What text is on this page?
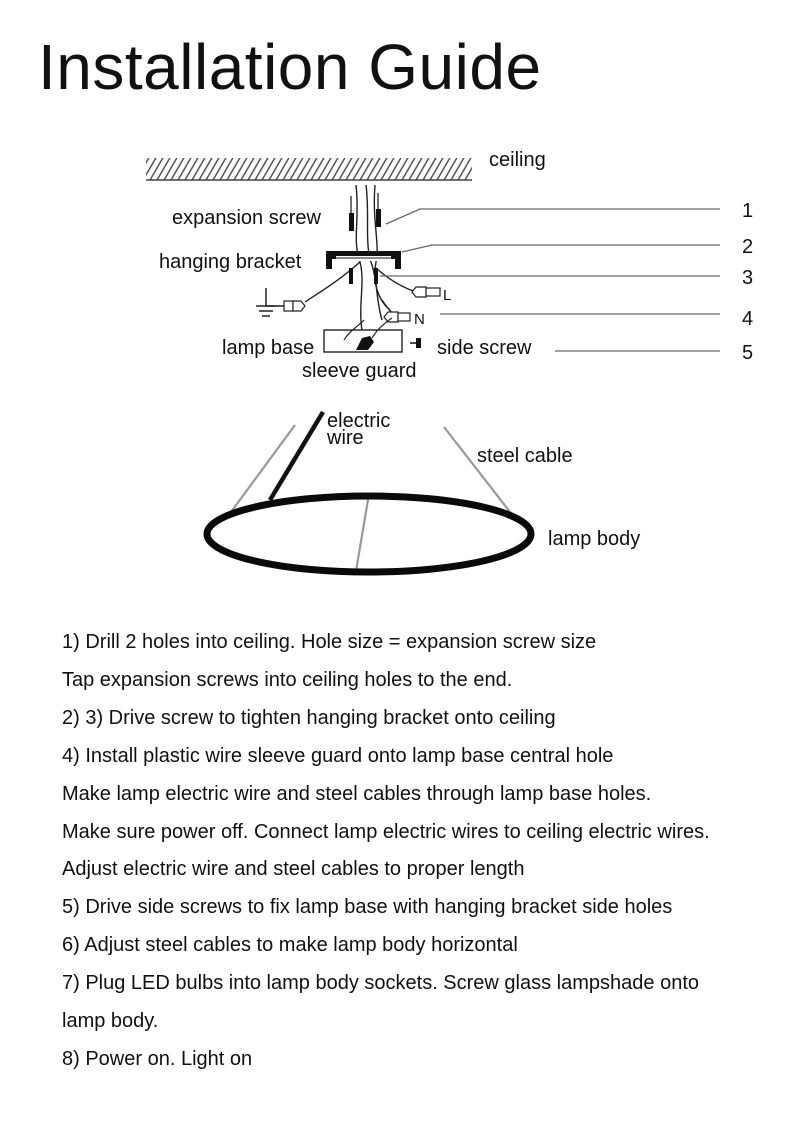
Installation Guide
ceiling
expansion screw
hanging bracket
L
N
lamp base	side screw
sleeve guard
1
2
3
4
5
electric
wire
steel cable
lamp body
1) Drill 2 holes into ceiling. Hole size = expansion screw size
Tap expansion screws into ceiling holes to the end.
2) 3) Drive screw to tighten hanging bracket onto ceiling
4) Install plastic wire sleeve guard onto lamp base central hole
Make lamp electric wire and steel cables through lamp base holes.
Make sure power off. Connect lamp electric wires to ceiling electric wires.
Adjust electric wire and steel cables to proper length
5) Drive side screws to fix lamp base with hanging bracket side holes
6) Adjust steel cables to make lamp body horizontal
7) Plug LED bulbs into lamp body sockets. Screw glass lampshade onto
lamp body.
8) Power on. Light on
